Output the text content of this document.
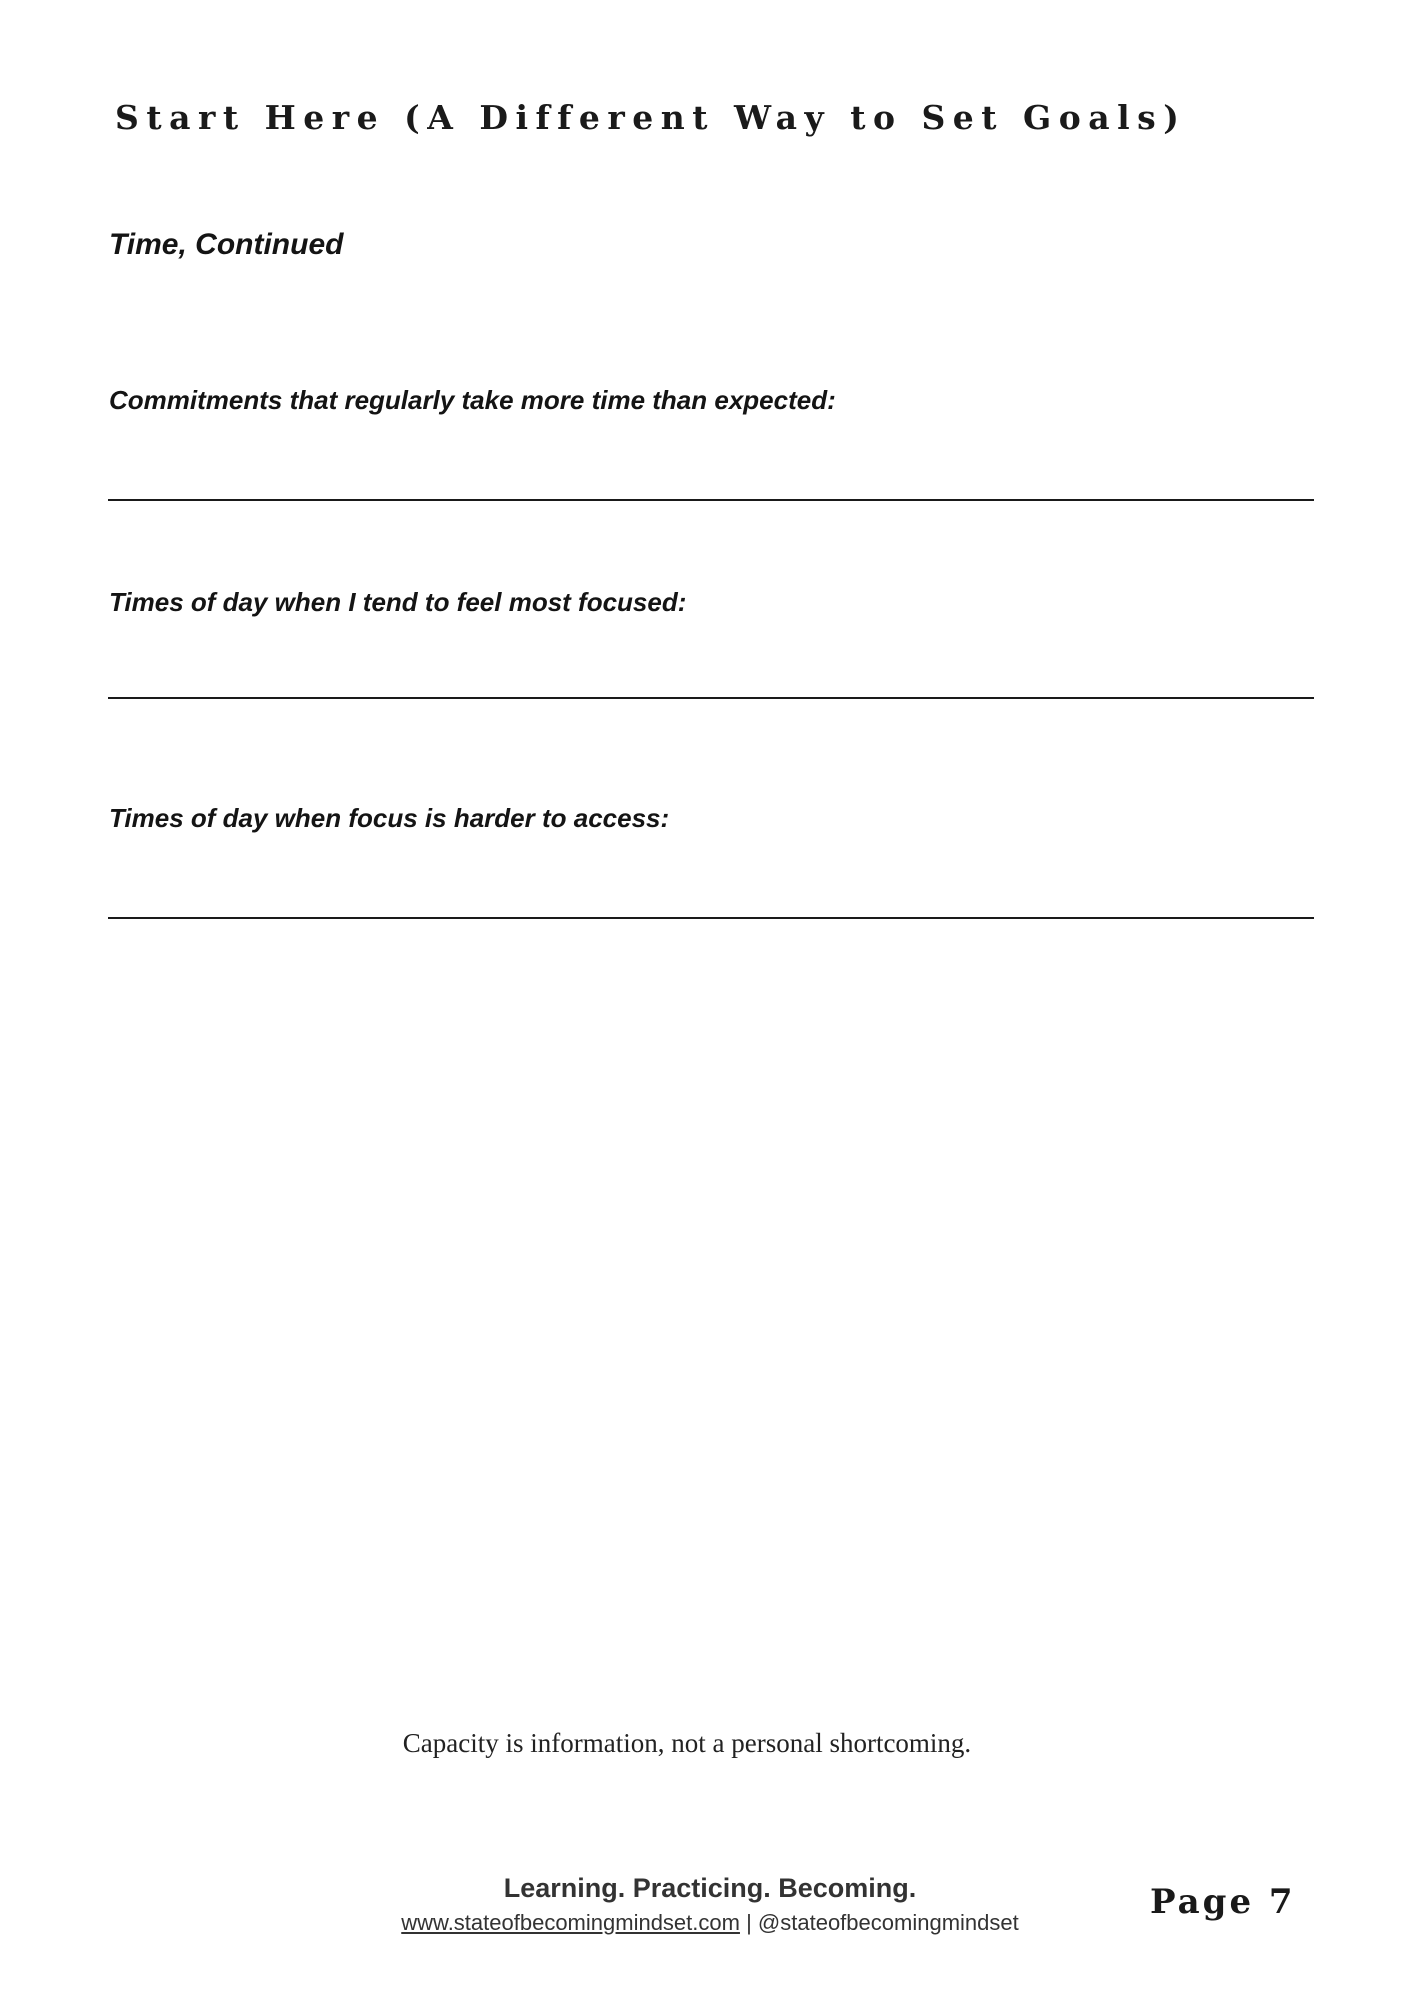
Start Here (A Different Way to Set Goals)
Time, Continued
Commitments that regularly take more time than expected:
Times of day when I tend to feel most focused:
Times of day when focus is harder to access:
Capacity is information, not a personal shortcoming.
Learning. Practicing. Becoming.
www.stateofbecomingmindset.com | @stateofbecomingmindset
Page 7
